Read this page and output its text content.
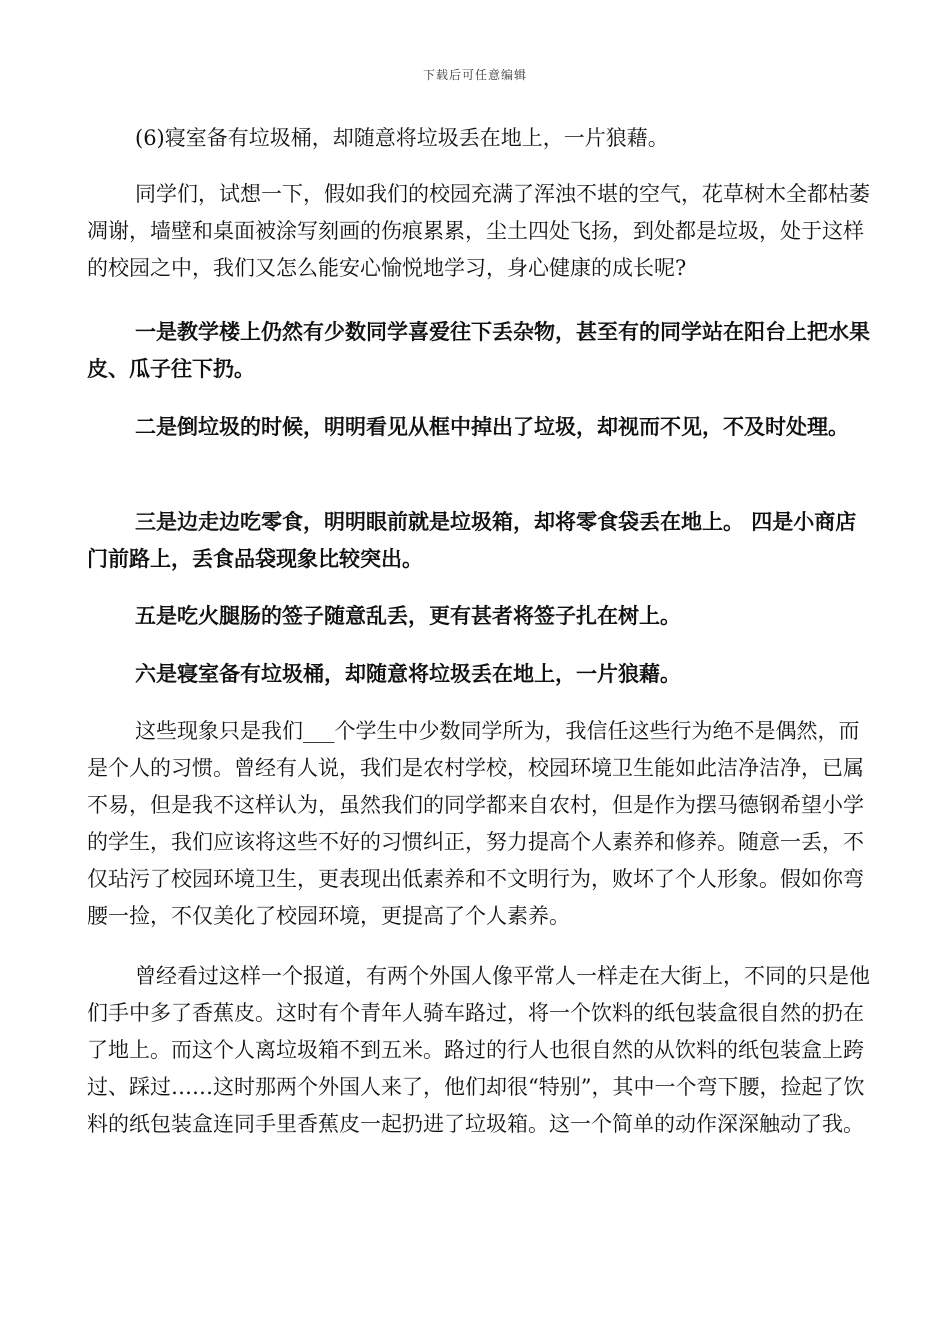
下载后可任意编辑

(6)寝室备有垃圾桶，却随意将垃圾丢在地上，一片狼藉。

同学们，试想一下，假如我们的校园充满了浑浊不堪的空气，花草树木全都枯萎凋谢，墙壁和桌面被涂写刻画的伤痕累累，尘土四处飞扬，到处都是垃圾，处于这样的校园之中，我们又怎么能安心愉悦地学习，身心健康的成长呢?

一是教学楼上仍然有少数同学喜爱往下丢杂物，甚至有的同学站在阳台上把水果皮、瓜子往下扔。

二是倒垃圾的时候，明明看见从框中掉出了垃圾，却视而不见，不及时处理。

三是边走边吃零食，明明眼前就是垃圾箱，却将零食袋丢在地上。 四是小商店门前路上，丢食品袋现象比较突出。

五是吃火腿肠的签子随意乱丢，更有甚者将签子扎在树上。

六是寝室备有垃圾桶，却随意将垃圾丢在地上，一片狼藉。

这些现象只是我们___个学生中少数同学所为，我信任这些行为绝不是偶然，而是个人的习惯。曾经有人说，我们是农村学校，校园环境卫生能如此洁净洁净，已属不易，但是我不这样认为，虽然我们的同学都来自农村，但是作为摆马德钢希望小学的学生，我们应该将这些不好的习惯纠正，努力提高个人素养和修养。随意一丢，不仅玷污了校园环境卫生，更表现出低素养和不文明行为，败坏了个人形象。假如你弯腰一捡，不仅美化了校园环境，更提高了个人素养。

曾经看过这样一个报道，有两个外国人像平常人一样走在大街上，不同的只是他们手中多了香蕉皮。这时有个青年人骑车路过，将一个饮料的纸包装盒很自然的扔在了地上。而这个人离垃圾箱不到五米。路过的行人也很自然的从饮料的纸包装盒上跨过、踩过……这时那两个外国人来了，他们却很“特别”，其中一个弯下腰，捡起了饮料的纸包装盒连同手里香蕉皮一起扔进了垃圾箱。这一个简单的动作深深触动了我。
